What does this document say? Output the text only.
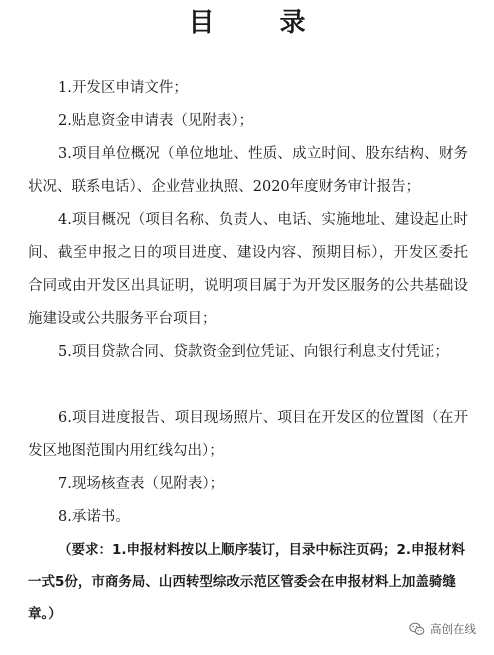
目 录
1.开发区申请文件；
2.贴息资金申请表（见附表）；
3.项目单位概况（单位地址、性质、成立时间、股东结构、财务状况、联系电话）、企业营业执照、2020年度财务审计报告；
4.项目概况（项目名称、负责人、电话、实施地址、建设起止时间、截至申报之日的项目进度、建设内容、预期目标），开发区委托合同或由开发区出具证明，说明项目属于为开发区服务的公共基础设施建设或公共服务平台项目；
5.项目贷款合同、贷款资金到位凭证、向银行利息支付凭证；
6.项目进度报告、项目现场照片、项目在开发区的位置图（在开发区地图范围内用红线勾出）；
7.现场核查表（见附表）；
8.承诺书。
（要求：1.申报材料按以上顺序装订，目录中标注页码；2.申报材料一式5份，市商务局、山西转型综改示范区管委会在申报材料上加盖骑缝章。）
高创在线
